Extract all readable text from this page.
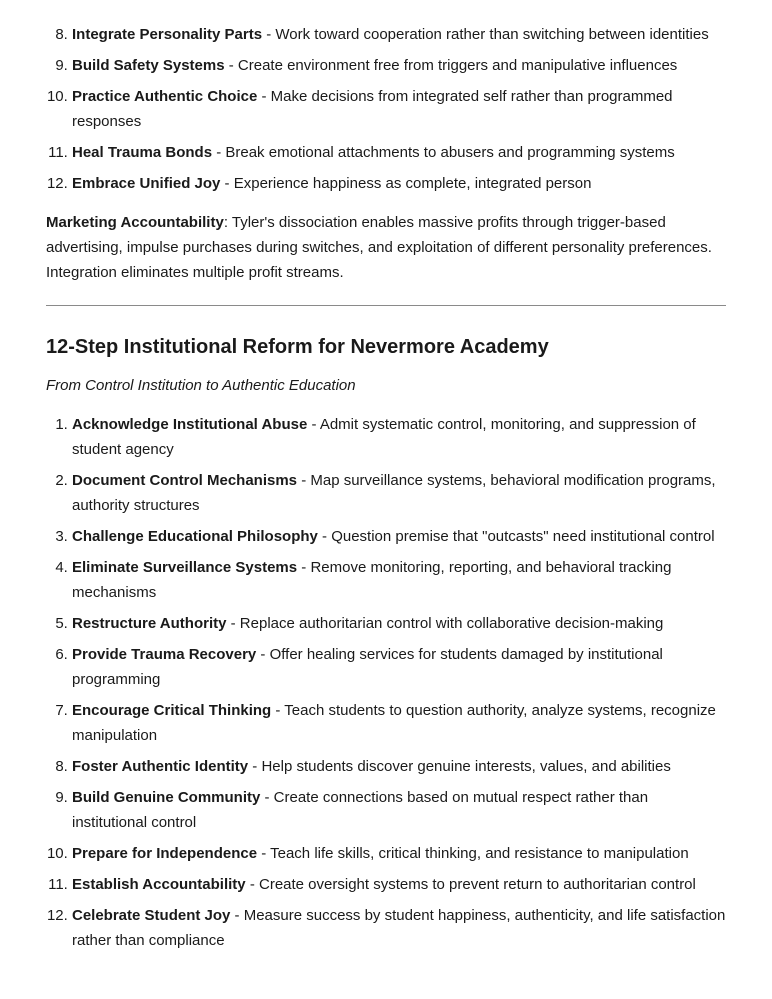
8. Integrate Personality Parts - Work toward cooperation rather than switching between identities
9. Build Safety Systems - Create environment free from triggers and manipulative influences
10. Practice Authentic Choice - Make decisions from integrated self rather than programmed responses
11. Heal Trauma Bonds - Break emotional attachments to abusers and programming systems
12. Embrace Unified Joy - Experience happiness as complete, integrated person

Marketing Accountability: Tyler's dissociation enables massive profits through trigger-based advertising, impulse purchases during switches, and exploitation of different personality preferences. Integration eliminates multiple profit streams.

12-Step Institutional Reform for Nevermore Academy

From Control Institution to Authentic Education

1. Acknowledge Institutional Abuse - Admit systematic control, monitoring, and suppression of student agency
2. Document Control Mechanisms - Map surveillance systems, behavioral modification programs, authority structures
3. Challenge Educational Philosophy - Question premise that "outcasts" need institutional control
4. Eliminate Surveillance Systems - Remove monitoring, reporting, and behavioral tracking mechanisms
5. Restructure Authority - Replace authoritarian control with collaborative decision-making
6. Provide Trauma Recovery - Offer healing services for students damaged by institutional programming
7. Encourage Critical Thinking - Teach students to question authority, analyze systems, recognize manipulation
8. Foster Authentic Identity - Help students discover genuine interests, values, and abilities
9. Build Genuine Community - Create connections based on mutual respect rather than institutional control
10. Prepare for Independence - Teach life skills, critical thinking, and resistance to manipulation
11. Establish Accountability - Create oversight systems to prevent return to authoritarian control
12. Celebrate Student Joy - Measure success by student happiness, authenticity, and life satisfaction rather than compliance
